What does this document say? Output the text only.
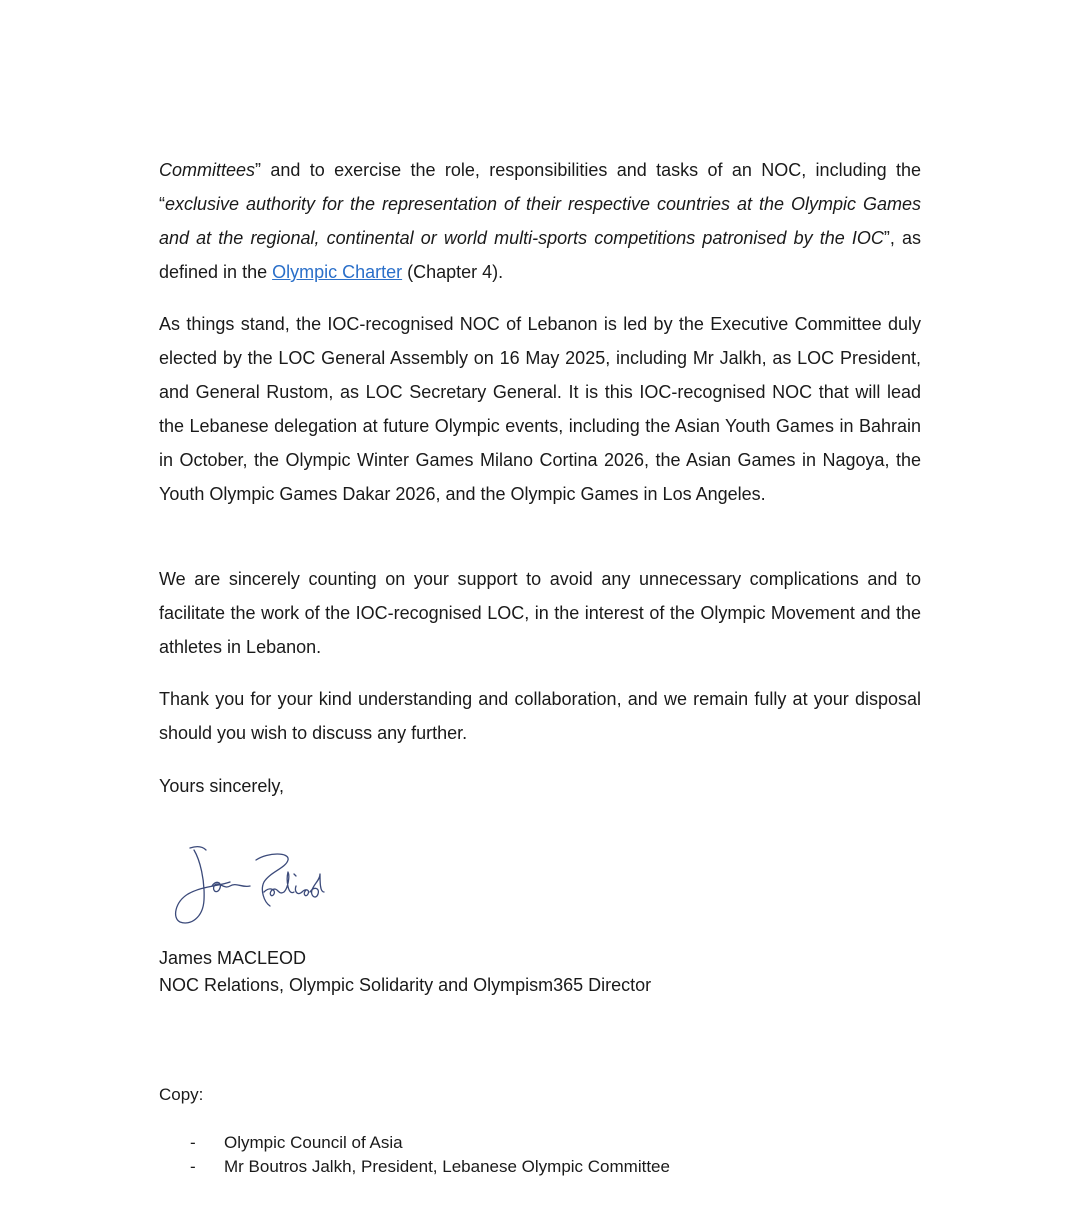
Committees” and to exercise the role, responsibilities and tasks of an NOC, including the “exclusive authority for the representation of their respective countries at the Olympic Games and at the regional, continental or world multi-sports competitions patronised by the IOC”, as defined in the Olympic Charter (Chapter 4).

As things stand, the IOC-recognised NOC of Lebanon is led by the Executive Committee duly elected by the LOC General Assembly on 16 May 2025, including Mr Jalkh, as LOC President, and General Rustom, as LOC Secretary General. It is this IOC-recognised NOC that will lead the Lebanese delegation at future Olympic events, including the Asian Youth Games in Bahrain in October, the Olympic Winter Games Milano Cortina 2026, the Asian Games in Nagoya, the Youth Olympic Games Dakar 2026, and the Olympic Games in Los Angeles.

We are sincerely counting on your support to avoid any unnecessary complications and to facilitate the work of the IOC-recognised LOC, in the interest of the Olympic Movement and the athletes in Lebanon.

Thank you for your kind understanding and collaboration, and we remain fully at your disposal should you wish to discuss any further.

Yours sincerely,

James MACLEOD
NOC Relations, Olympic Solidarity and Olympism365 Director
Copy:
-	Olympic Council of Asia
-	Mr Boutros Jalkh, President, Lebanese Olympic Committee
